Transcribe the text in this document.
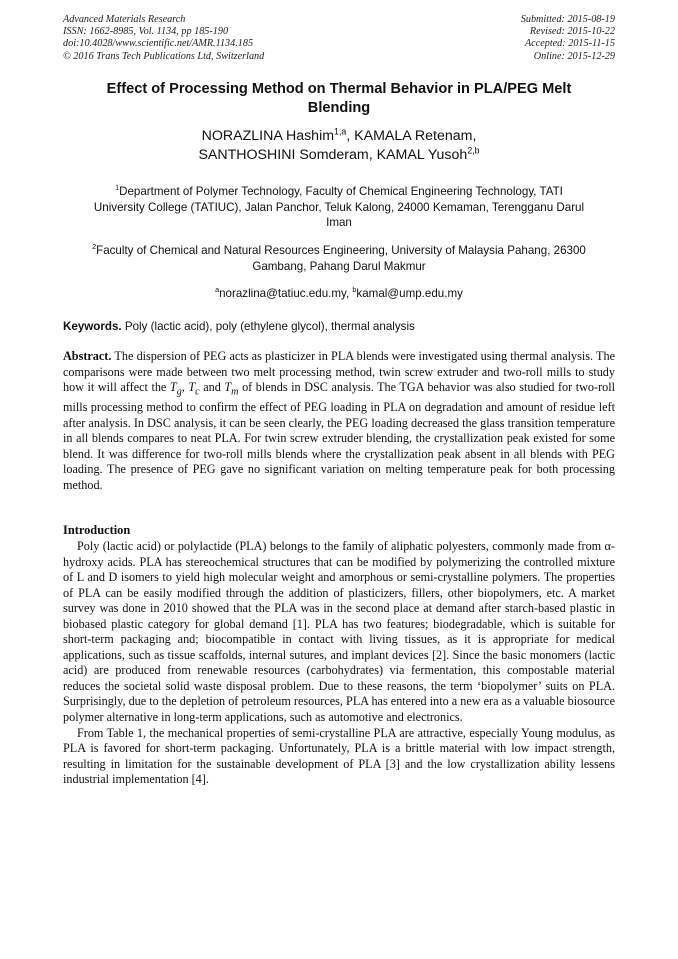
Advanced Materials Research
ISSN: 1662-8985, Vol. 1134, pp 185-190
doi:10.4028/www.scientific.net/AMR.1134.185
© 2016 Trans Tech Publications Ltd, Switzerland
Submitted: 2015-08-19
Revised: 2015-10-22
Accepted: 2015-11-15
Online: 2015-12-29
Effect of Processing Method on Thermal Behavior in PLA/PEG Melt
Blending
NORAZLINA Hashim$^{1,a}$, KAMALA Retenam,
SANTHOSHINI Somderam, KAMAL Yusoh$^{2,b}$
$^1$Department of Polymer Technology, Faculty of Chemical Engineering Technology, TATI
University College (TATIUC), Jalan Panchor, Teluk Kalong, 24000 Kemaman, Terengganu Darul
Iman
$^2$Faculty of Chemical and Natural Resources Engineering, University of Malaysia Pahang, 26300
Gambang, Pahang Darul Makmur
$^a$norazlina@tatiuc.edu.my, $^b$kamal@ump.edu.my
Keywords. Poly (lactic acid), poly (ethylene glycol), thermal analysis
Abstract. The dispersion of PEG acts as plasticizer in PLA blends were investigated using thermal analysis. The comparisons were made between two melt processing method, twin screw extruder and two-roll mills to study how it will affect the $T_g$, $T_c$ and $T_m$ of blends in DSC analysis. The TGA behavior was also studied for two-roll mills processing method to confirm the effect of PEG loading in PLA on degradation and amount of residue left after analysis. In DSC analysis, it can be seen clearly, the PEG loading decreased the glass transition temperature in all blends compares to neat PLA. For twin screw extruder blending, the crystallization peak existed for some blend. It was difference for two-roll mills blends where the crystallization peak absent in all blends with PEG loading. The presence of PEG gave no significant variation on melting temperature peak for both processing method.
Introduction

Poly (lactic acid) or polylactide (PLA) belongs to the family of aliphatic polyesters, commonly made from α-hydroxy acids. PLA has stereochemical structures that can be modified by polymerizing the controlled mixture of L and D isomers to yield high molecular weight and amorphous or semi-crystalline polymers. The properties of PLA can be easily modified through the addition of plasticizers, fillers, other biopolymers, etc. A market survey was done in 2010 showed that the PLA was in the second place at demand after starch-based plastic in biobased plastic category for global demand [1]. PLA has two features; biodegradable, which is suitable for short-term packaging and; biocompatible in contact with living tissues, as it is appropriate for medical applications, such as tissue scaffolds, internal sutures, and implant devices [2]. Since the basic monomers (lactic acid) are produced from renewable resources (carbohydrates) via fermentation, this compostable material reduces the societal solid waste disposal problem. Due to these reasons, the term ‘biopolymer’ suits on PLA. Surprisingly, due to the depletion of petroleum resources, PLA has entered into a new era as a valuable biosource polymer alternative in long-term applications, such as automotive and electronics.

From Table 1, the mechanical properties of semi-crystalline PLA are attractive, especially Young modulus, as PLA is favored for short-term packaging. Unfortunately, PLA is a brittle material with low impact strength, resulting in limitation for the sustainable development of PLA [3] and the low crystallization ability lessens industrial implementation [4].
